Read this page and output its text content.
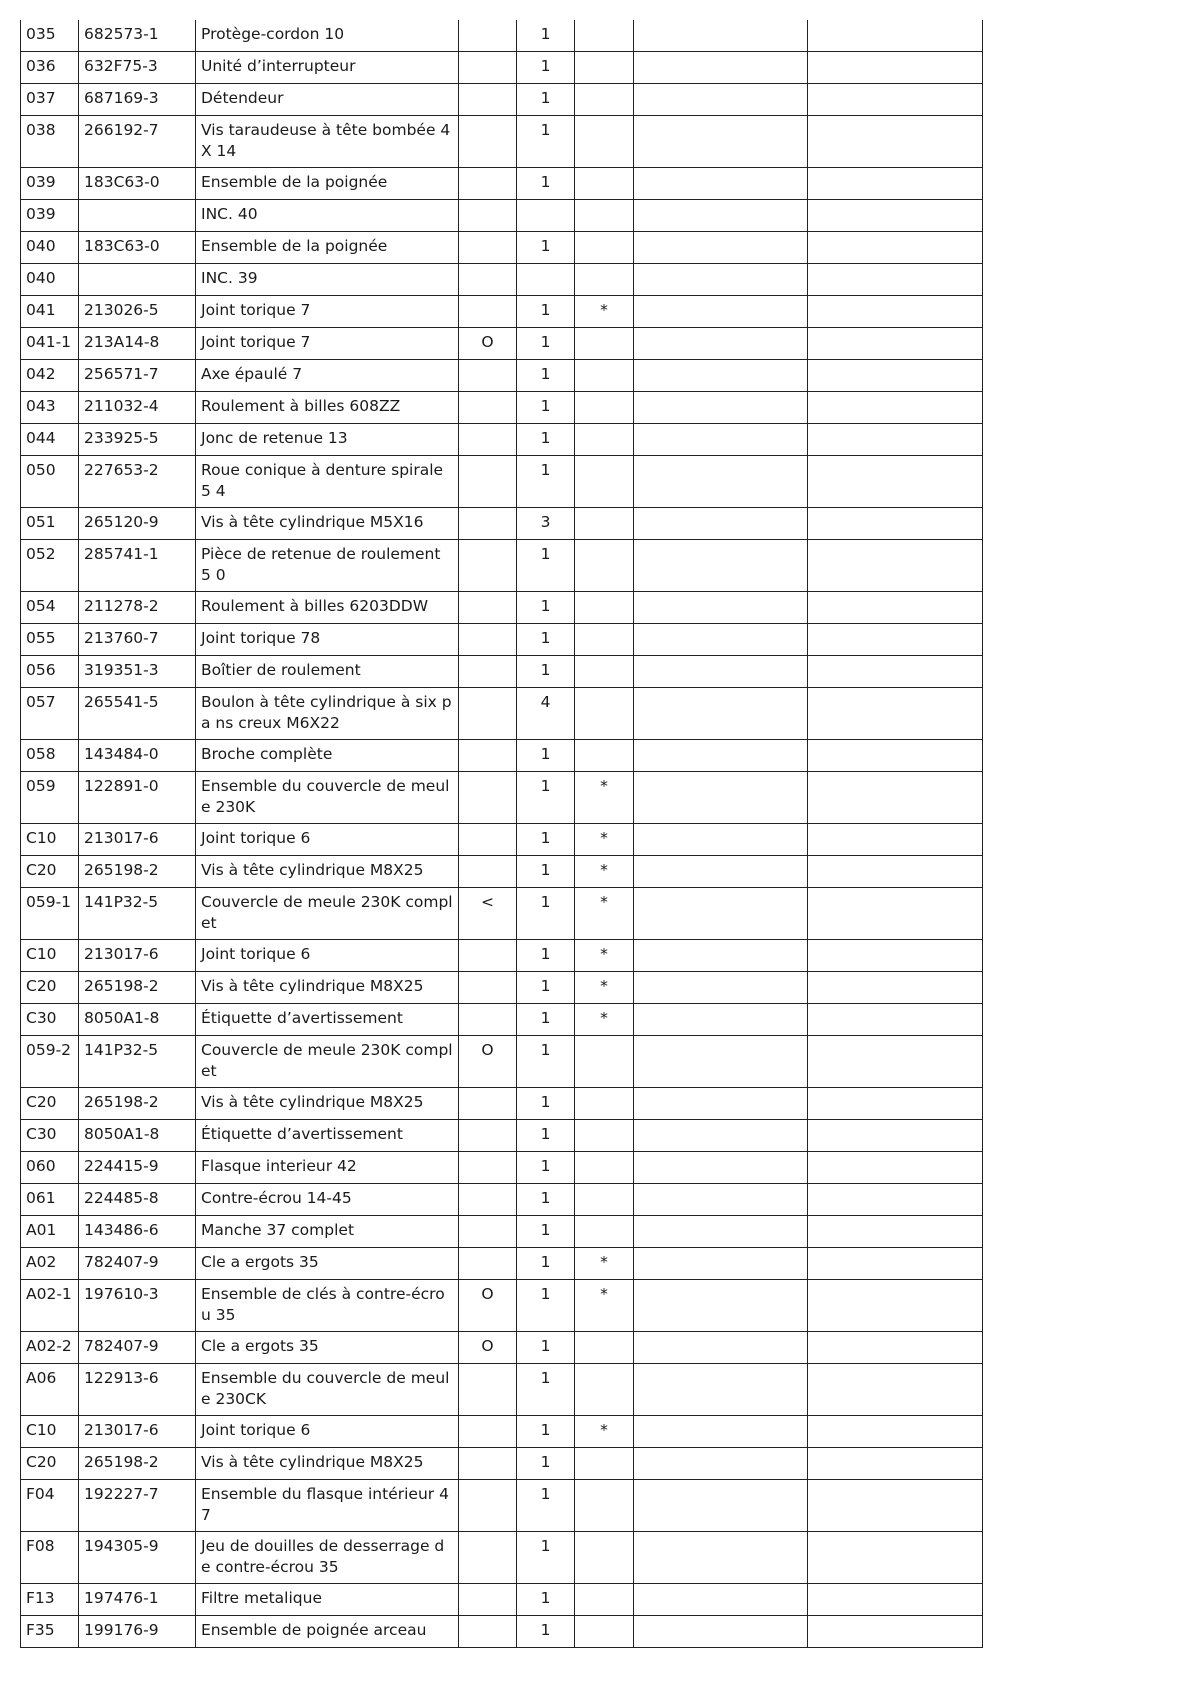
035	682573-1	Protège-cordon 10		1			
036	632F75-3	Unité d’interrupteur		1			
037	687169-3	Détendeur		1			
038	266192-7	Vis taraudeuse à tête bombée 4X 14		1			
039	183C63-0	Ensemble de la poignée		1			
039		INC. 40					
040	183C63-0	Ensemble de la poignée		1			
040		INC. 39					
041	213026-5	Joint torique 7		1	*		
041-1	213A14-8	Joint torique 7	O	1			
042	256571-7	Axe épaulé 7		1			
043	211032-4	Roulement à billes 608ZZ		1			
044	233925-5	Jonc de retenue 13		1			
050	227653-2	Roue conique à denture spirale 5 4		1			
051	265120-9	Vis à tête cylindrique M5X16		3			
052	285741-1	Pièce de retenue de roulement 5 0		1			
054	211278-2	Roulement à billes 6203DDW		1			
055	213760-7	Joint torique 78		1			
056	319351-3	Boîtier de roulement		1			
057	265541-5	Boulon à tête cylindrique à six pa ns creux M6X22		4			
058	143484-0	Broche complète		1			
059	122891-0	Ensemble du couvercle de meule 230K		1	*		
C10	213017-6	Joint torique 6		1	*		
C20	265198-2	Vis à tête cylindrique M8X25		1	*		
059-1	141P32-5	Couvercle de meule 230K compl et	<	1	*		
C10	213017-6	Joint torique 6		1	*		
C20	265198-2	Vis à tête cylindrique M8X25		1	*		
C30	8050A1-8	Étiquette d’avertissement		1	*		
059-2	141P32-5	Couvercle de meule 230K compl et	O	1			
C20	265198-2	Vis à tête cylindrique M8X25		1			
C30	8050A1-8	Étiquette d’avertissement		1			
060	224415-9	Flasque interieur 42		1			
061	224485-8	Contre-écrou 14-45		1			
A01	143486-6	Manche 37 complet		1			
A02	782407-9	Cle a ergots 35		1	*		
A02-1	197610-3	Ensemble de clés à contre-écrou 35	O	1	*		
A02-2	782407-9	Cle a ergots 35	O	1			
A06	122913-6	Ensemble du couvercle de meule 230CK		1			
C10	213017-6	Joint torique 6		1	*		
C20	265198-2	Vis à tête cylindrique M8X25		1			
F04	192227-7	Ensemble du flasque intérieur 47		1			
F08	194305-9	Jeu de douilles de desserrage de contre-écrou 35		1			
F13	197476-1	Filtre metalique		1			
F35	199176-9	Ensemble de poignée arceau		1			
